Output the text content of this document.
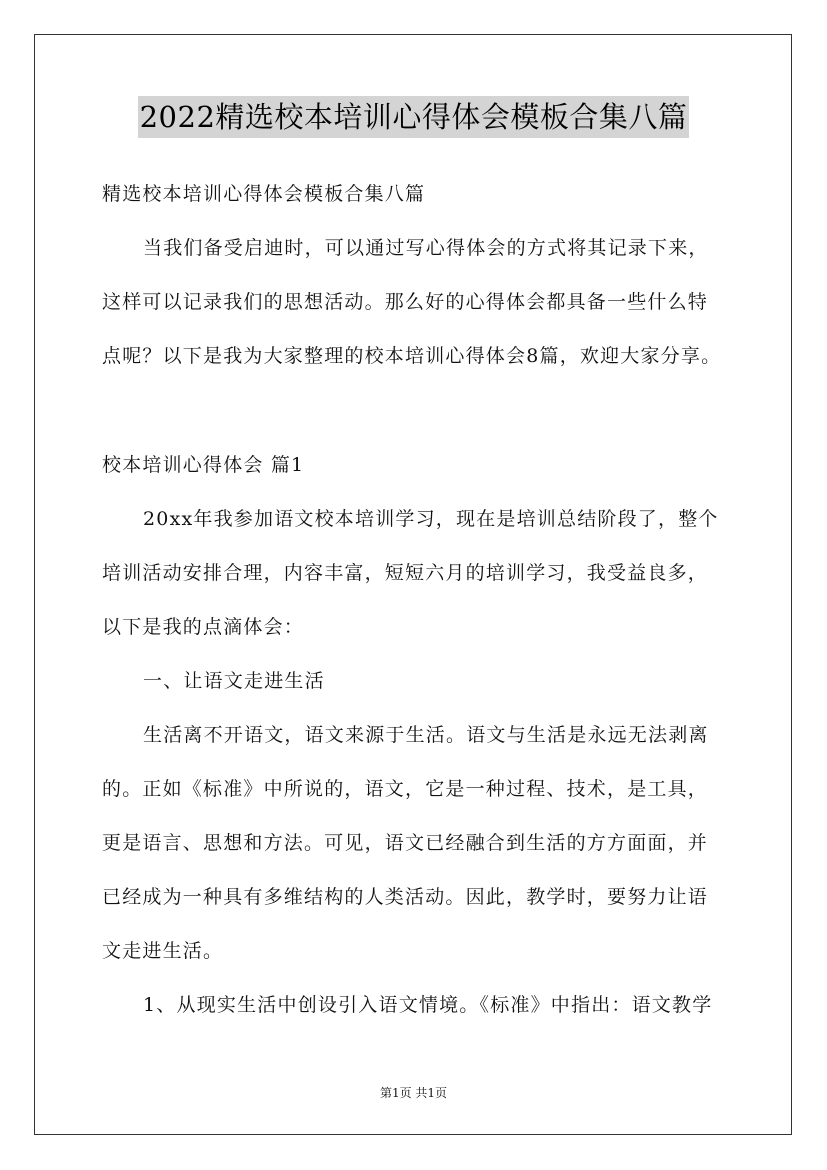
2022精选校本培训心得体会模板合集八篇
精选校本培训心得体会模板合集八篇
当我们备受启迪时，可以通过写心得体会的方式将其记录下来，
这样可以记录我们的思想活动。那么好的心得体会都具备一些什么特
点呢？以下是我为大家整理的校本培训心得体会8篇，欢迎大家分享。
校本培训心得体会 篇1
20xx年我参加语文校本培训学习，现在是培训总结阶段了，整个
培训活动安排合理，内容丰富，短短六月的培训学习，我受益良多，
以下是我的点滴体会：
一、让语文走进生活
生活离不开语文，语文来源于生活。语文与生活是永远无法剥离
的。正如《标准》中所说的，语文，它是一种过程、技术，是工具，
更是语言、思想和方法。可见，语文已经融合到生活的方方面面，并
已经成为一种具有多维结构的人类活动。因此，教学时，要努力让语
文走进生活。
1、从现实生活中创设引入语文情境。《标准》中指出：语文教学
第1页 共1页
